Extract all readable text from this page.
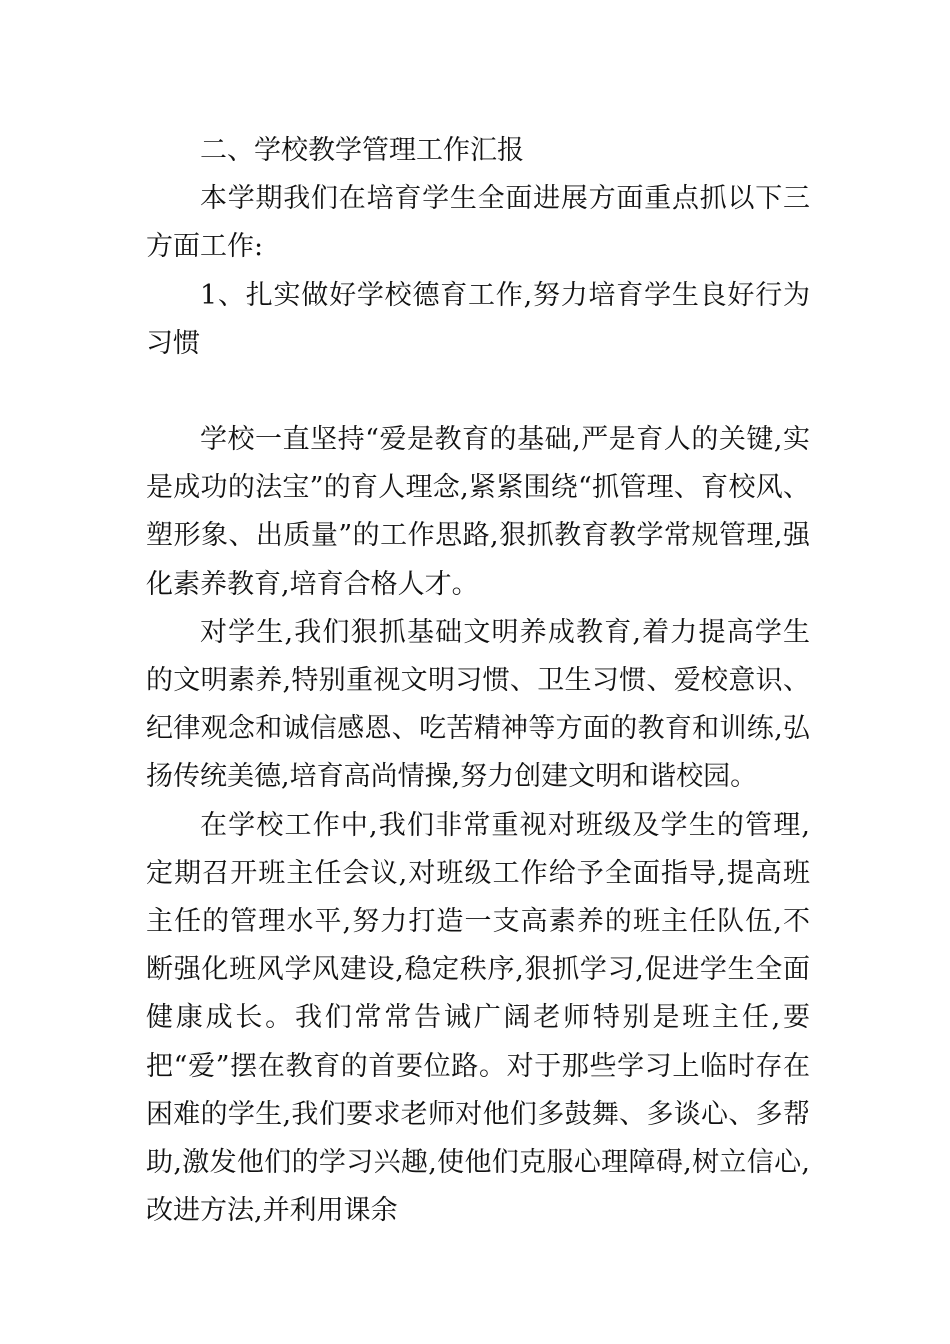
二、学校教学管理工作汇报

本学期我们在培育学生全面进展方面重点抓以下三方面工作:

1、扎实做好学校德育工作,努力培育学生良好行为习惯

学校一直坚持“爱是教育的基础,严是育人的关键,实是成功的法宝”的育人理念,紧紧围绕“抓管理、育校风、塑形象、出质量”的工作思路,狠抓教育教学常规管理,强化素养教育,培育合格人才。

对学生,我们狠抓基础文明养成教育,着力提高学生的文明素养,特别重视文明习惯、卫生习惯、爱校意识、纪律观念和诚信感恩、吃苦精神等方面的教育和训练,弘扬传统美德,培育高尚情操,努力创建文明和谐校园。

在学校工作中,我们非常重视对班级及学生的管理,定期召开班主任会议,对班级工作给予全面指导,提高班主任的管理水平,努力打造一支高素养的班主任队伍,不断强化班风学风建设,稳定秩序,狠抓学习,促进学生全面健康成长。我们常常告诫广阔老师特别是班主任,要把“爱”摆在教育的首要位路。对于那些学习上临时存在困难的学生,我们要求老师对他们多鼓舞、多谈心、多帮助,激发他们的学习兴趣,使他们克服心理障碍,树立信心,改进方法,并利用课余
